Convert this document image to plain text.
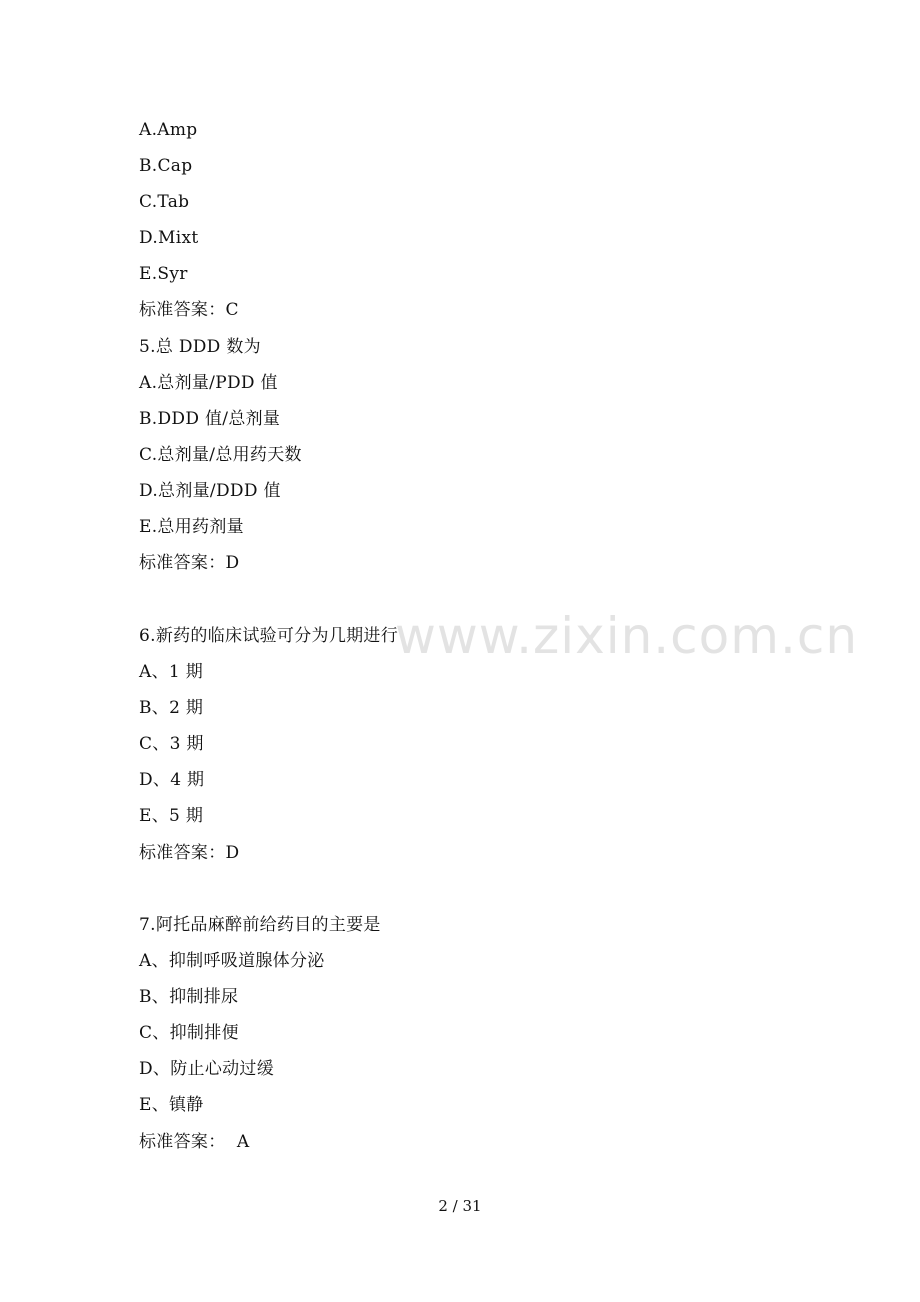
www.zixin.com.cn
A.Amp
B.Cap
C.Tab
D.Mixt
E.Syr
标准答案：C
5.总 DDD 数为
A.总剂量/PDD 值
B.DDD 值/总剂量
C.总剂量/总用药天数
D.总剂量/DDD 值
E.总用药剂量
标准答案：D
6.新药的临床试验可分为几期进行
A、1 期
B、2 期
C、3 期
D、4 期
E、5 期
标准答案：D
7.阿托品麻醉前给药目的主要是
A、抑制呼吸道腺体分泌
B、抑制排尿
C、抑制排便
D、防止心动过缓
E、镇静
标准答案：  A
2 / 31
